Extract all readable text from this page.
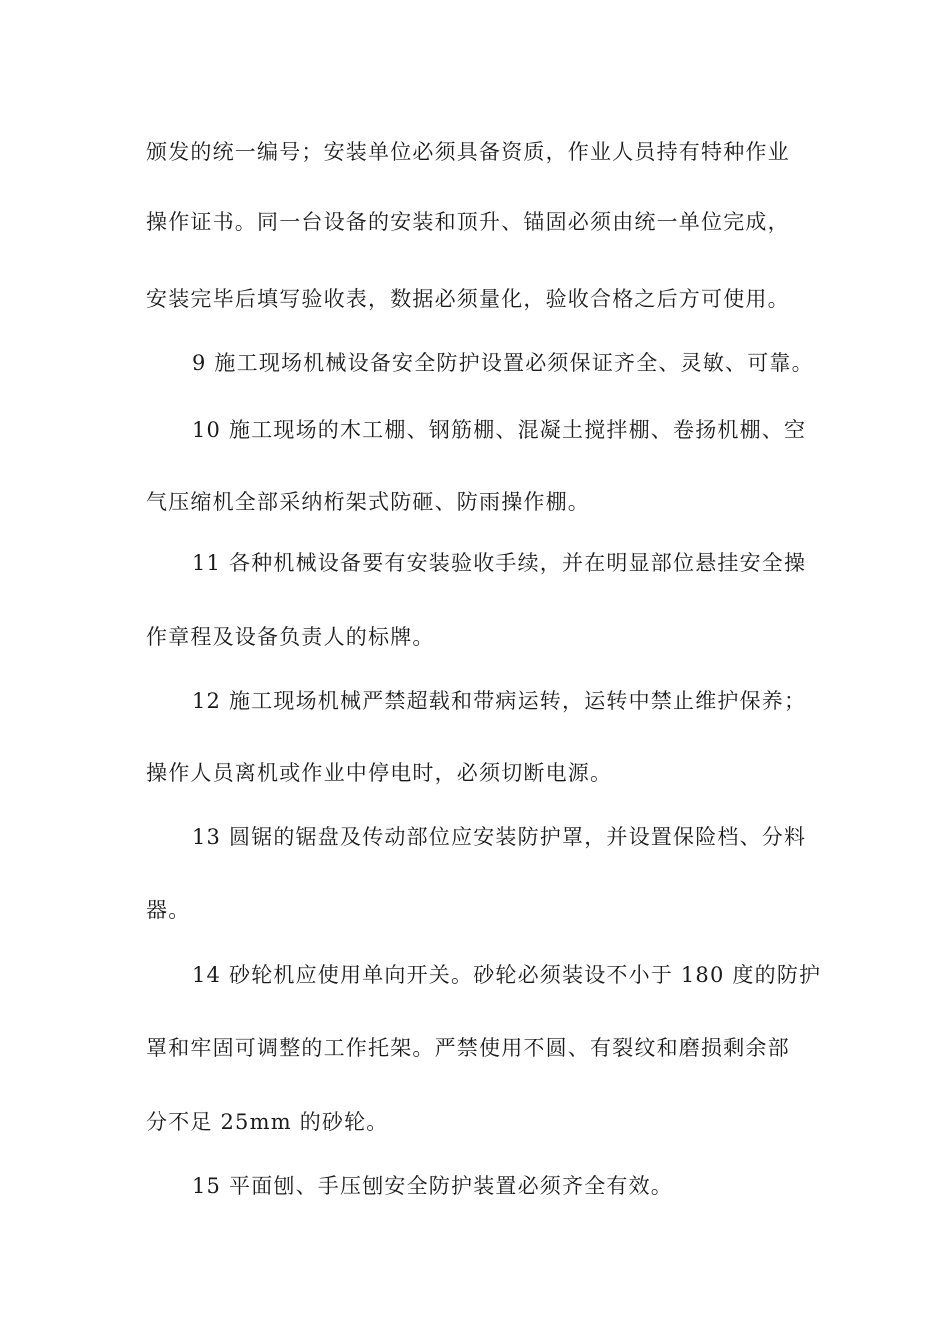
颁发的统一编号；安装单位必须具备资质，作业人员持有特种作业
操作证书。同一台设备的安装和顶升、锚固必须由统一单位完成，
安装完毕后填写验收表，数据必须量化，验收合格之后方可使用。
9 施工现场机械设备安全防护设置必须保证齐全、灵敏、可靠。
10 施工现场的木工棚、钢筋棚、混凝土搅拌棚、卷扬机棚、空
气压缩机全部采纳桁架式防砸、防雨操作棚。
11 各种机械设备要有安装验收手续，并在明显部位悬挂安全操
作章程及设备负责人的标牌。
12 施工现场机械严禁超载和带病运转，运转中禁止维护保养；
操作人员离机或作业中停电时，必须切断电源。
13 圆锯的锯盘及传动部位应安装防护罩，并设置保险档、分料
器。
14 砂轮机应使用单向开关。砂轮必须装设不小于 180 度的防护
罩和牢固可调整的工作托架。严禁使用不圆、有裂纹和磨损剩余部
分不足 25mm 的砂轮。
15 平面刨、手压刨安全防护装置必须齐全有效。
